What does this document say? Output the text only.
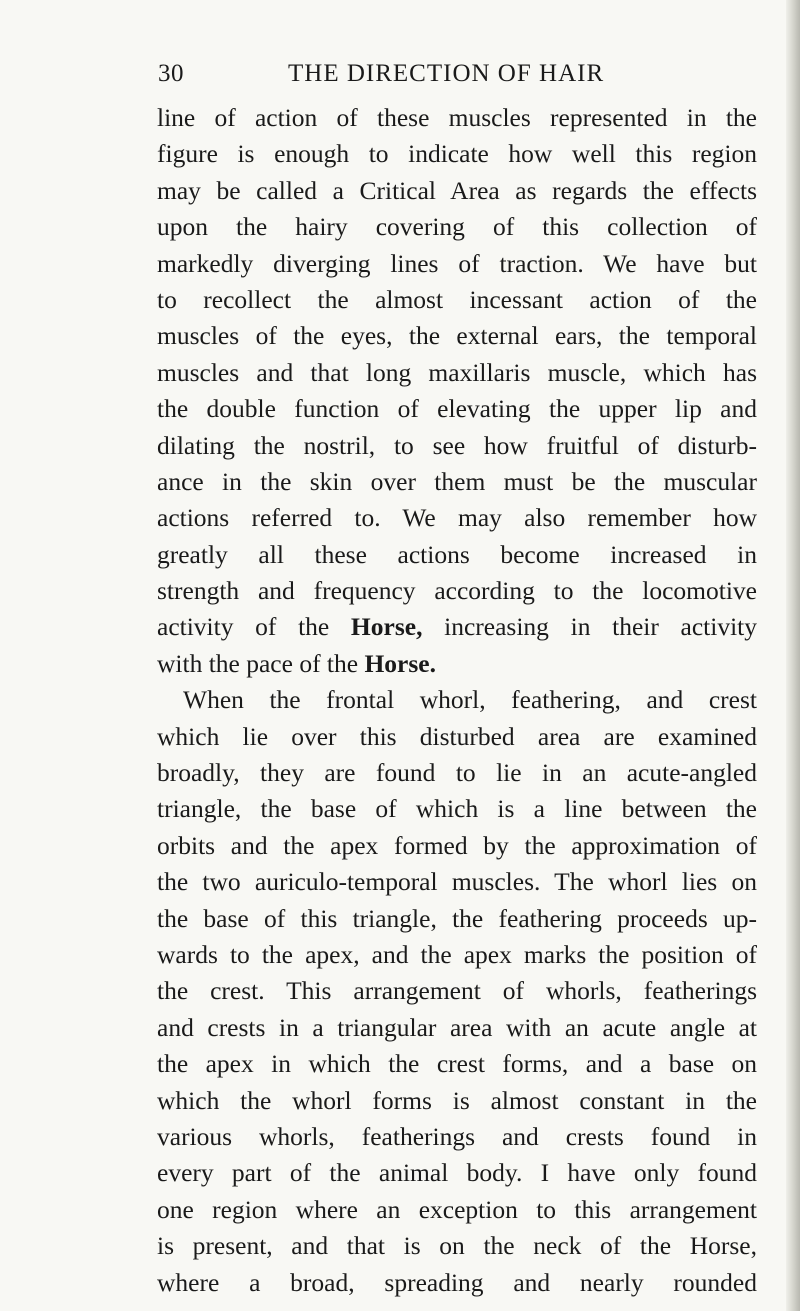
30	THE DIRECTION OF HAIR
line of action of these muscles represented in the
figure is enough to indicate how well this region
may be called a Critical Area as regards the effects
upon the hairy covering of this collection of
markedly diverging lines of traction. We have but
to recollect the almost incessant action of the
muscles of the eyes, the external ears, the temporal
muscles and that long maxillaris muscle, which has
the double function of elevating the upper lip and
dilating the nostril, to see how fruitful of disturb-
ance in the skin over them must be the muscular
actions referred to. We may also remember how
greatly all these actions become increased in
strength and frequency according to the locomotive
activity of the Horse, increasing in their activity
with the pace of the Horse.
When the frontal whorl, feathering, and crest
which lie over this disturbed area are examined
broadly, they are found to lie in an acute-angled
triangle, the base of which is a line between the
orbits and the apex formed by the approximation of
the two auriculo-temporal muscles. The whorl lies on
the base of this triangle, the feathering proceeds up-
wards to the apex, and the apex marks the position of
the crest. This arrangement of whorls, featherings
and crests in a triangular area with an acute angle at
the apex in which the crest forms, and a base on
which the whorl forms is almost constant in the
various whorls, featherings and crests found in
every part of the animal body. I have only found
one region where an exception to this arrangement
is present, and that is on the neck of the Horse,
where a broad, spreading and nearly rounded
